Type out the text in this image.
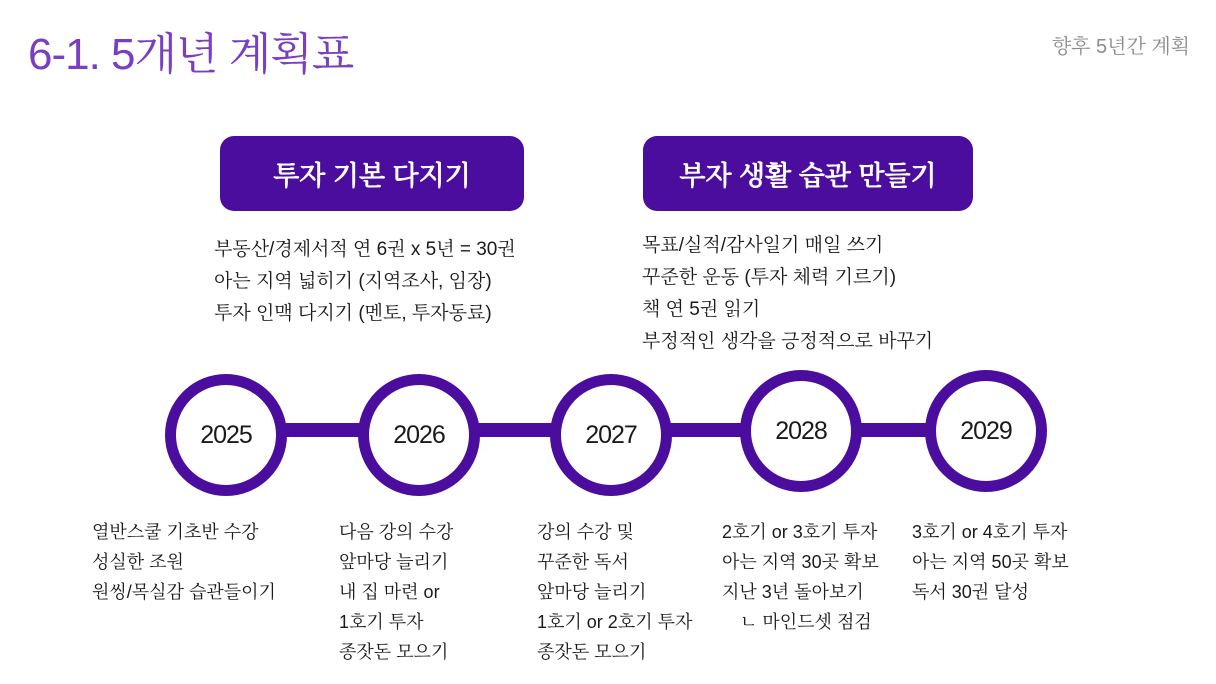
6-1. 5개년 계획표	향후 5년간 계획
투자 기본 다지기	부자 생활 습관 만들기
부동산/경제서적 연 6권 x 5년 = 30권
아는 지역 넓히기 (지역조사, 임장)
투자 인맥 다지기 (멘토, 투자동료)
목표/실적/감사일기 매일 쓰기
꾸준한 운동 (투자 체력 기르기)
책 연 5권 읽기
부정적인 생각을 긍정적으로 바꾸기
2025	2026	2027	2028	2029
열반스쿨 기초반 수강
성실한 조원
원씽/목실감 습관들이기
다음 강의 수강
앞마당 늘리기
내 집 마련 or
1호기 투자
종잣돈 모으기
강의 수강 및
꾸준한 독서
앞마당 늘리기
1호기 or 2호기 투자
종잣돈 모으기
2호기 or 3호기 투자
아는 지역 30곳 확보
지난 3년 돌아보기
ㄴ 마인드셋 점검
3호기 or 4호기 투자
아는 지역 50곳 확보
독서 30권 달성
